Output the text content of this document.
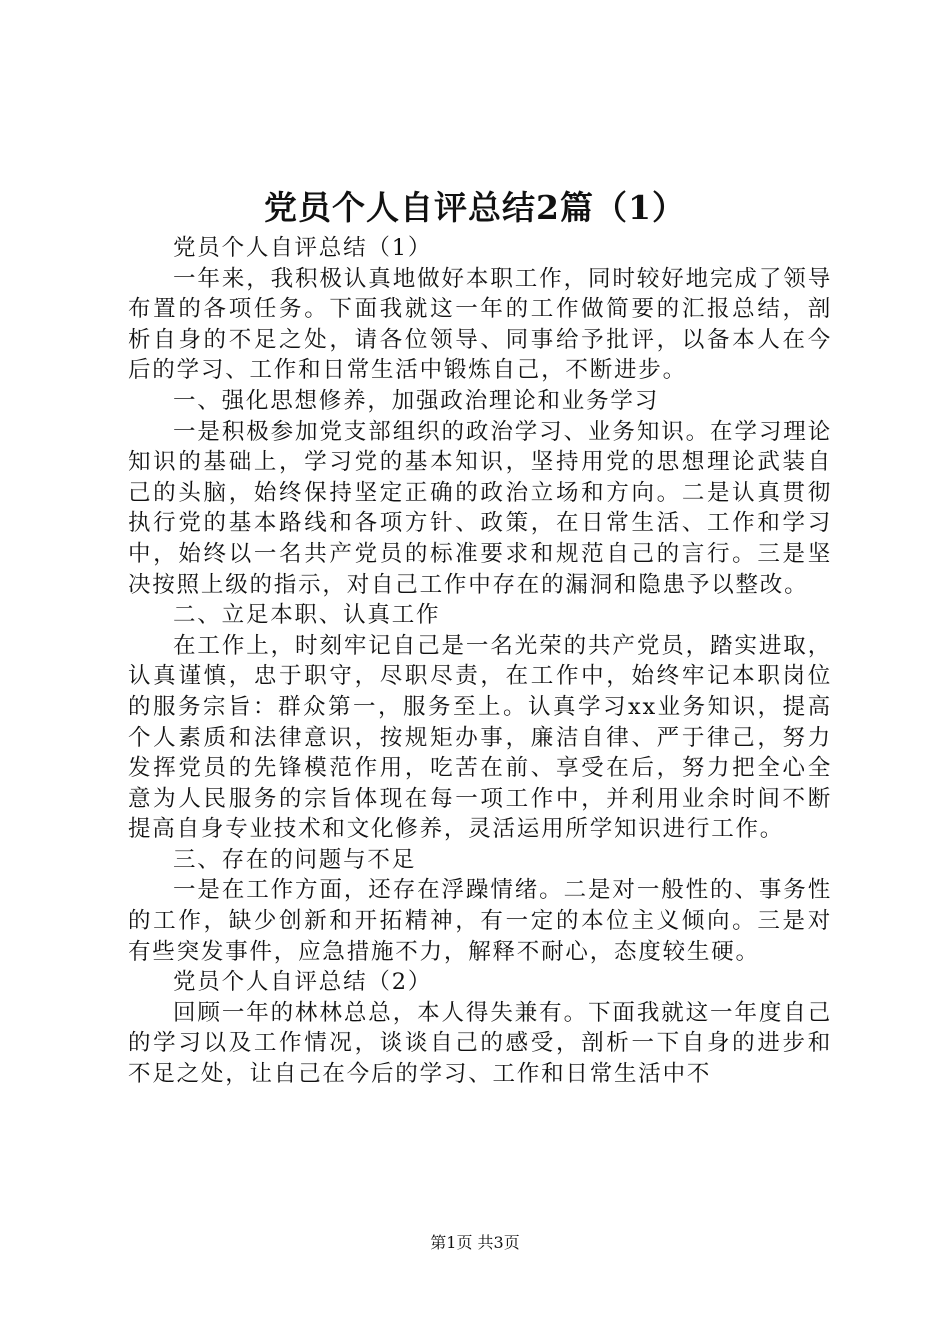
党员个人自评总结2篇（1）

党员个人自评总结（1）

一年来，我积极认真地做好本职工作，同时较好地完成了领导布置的各项任务。下面我就这一年的工作做简要的汇报总结，剖析自身的不足之处，请各位领导、同事给予批评，以备本人在今后的学习、工作和日常生活中锻炼自己，不断进步。

一、强化思想修养，加强政治理论和业务学习

一是积极参加党支部组织的政治学习、业务知识。在学习理论知识的基础上，学习党的基本知识，坚持用党的思想理论武装自己的头脑，始终保持坚定正确的政治立场和方向。二是认真贯彻执行党的基本路线和各项方针、政策，在日常生活、工作和学习中，始终以一名共产党员的标准要求和规范自己的言行。三是坚决按照上级的指示，对自己工作中存在的漏洞和隐患予以整改。

二、立足本职、认真工作

在工作上，时刻牢记自己是一名光荣的共产党员，踏实进取，认真谨慎，忠于职守，尽职尽责，在工作中，始终牢记本职岗位的服务宗旨：群众第一，服务至上。认真学习xx业务知识，提高个人素质和法律意识，按规矩办事，廉洁自律、严于律己，努力发挥党员的先锋模范作用，吃苦在前、享受在后，努力把全心全意为人民服务的宗旨体现在每一项工作中，并利用业余时间不断提高自身专业技术和文化修养，灵活运用所学知识进行工作。

三、存在的问题与不足

一是在工作方面，还存在浮躁情绪。二是对一般性的、事务性的工作，缺少创新和开拓精神，有一定的本位主义倾向。三是对有些突发事件，应急措施不力，解释不耐心，态度较生硬。

党员个人自评总结（2）

回顾一年的林林总总，本人得失兼有。下面我就这一年度自己的学习以及工作情况，谈谈自己的感受，剖析一下自身的进步和不足之处，让自己在今后的学习、工作和日常生活中不

第1页 共3页
